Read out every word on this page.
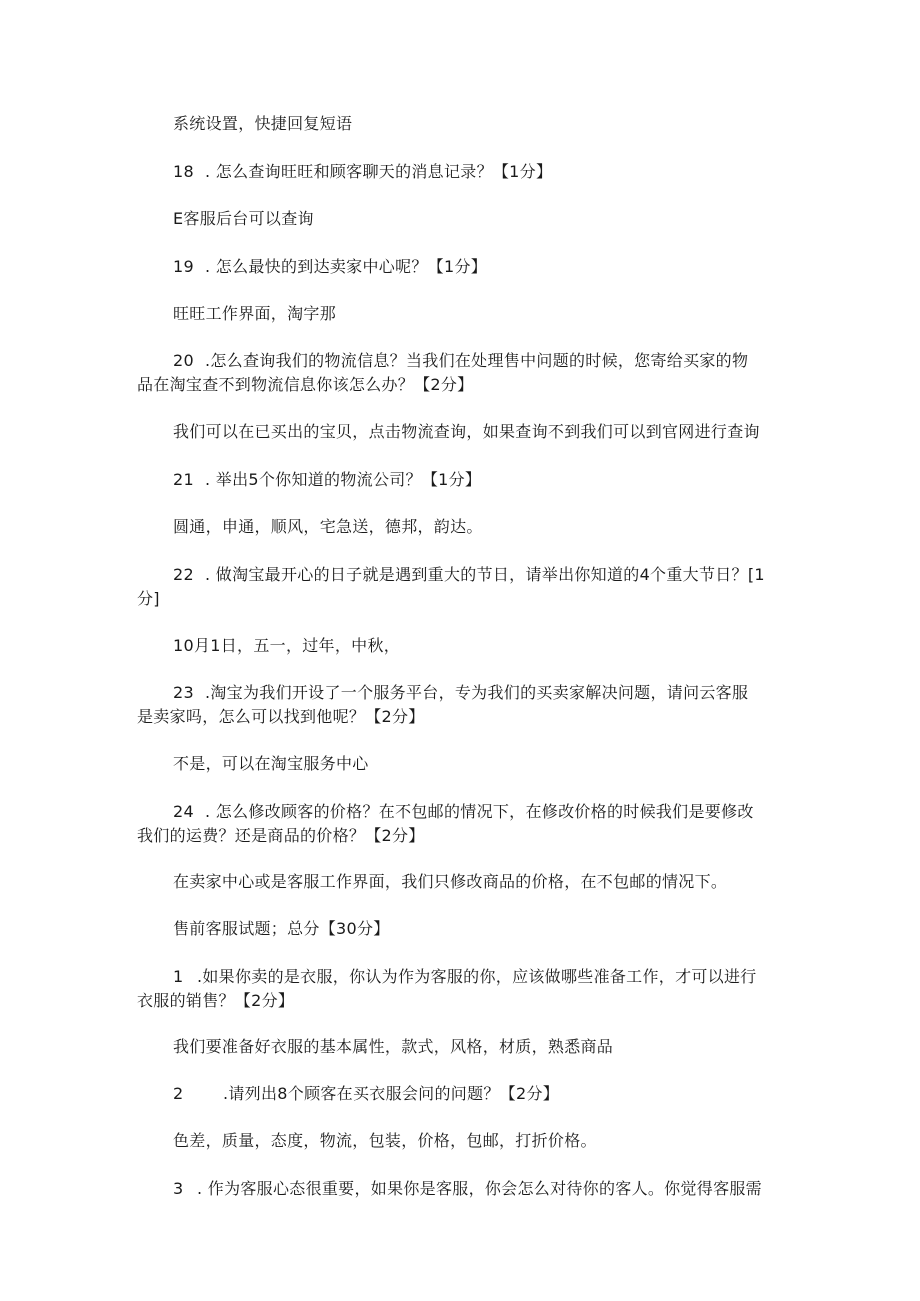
系统设置，快捷回复短语
18 . 怎么查询旺旺和顾客聊天的消息记录？【1分】
E客服后台可以查询
19 . 怎么最快的到达卖家中心呢？【1分】
旺旺工作界面，淘字那
20 .怎么查询我们的物流信息？当我们在处理售中问题的时候，您寄给买家的物
品在淘宝查不到物流信息你该怎么办？【2分】
我们可以在已买出的宝贝，点击物流查询，如果查询不到我们可以到官网进行查询
21 . 举出5个你知道的物流公司？【1分】
圆通，申通，顺风，宅急送，德邦，韵达。
22 . 做淘宝最开心的日子就是遇到重大的节日，请举出你知道的4个重大节日？[1
分]
10月1日，五一，过年，中秋，
23 .淘宝为我们开设了一个服务平台，专为我们的买卖家解决问题，请问云客服
是卖家吗，怎么可以找到他呢？【2分】
不是，可以在淘宝服务中心
24 . 怎么修改顾客的价格？在不包邮的情况下，在修改价格的时候我们是要修改
我们的运费？还是商品的价格？【2分】
在卖家中心或是客服工作界面，我们只修改商品的价格，在不包邮的情况下。
售前客服试题；总分【30分】
1 .如果你卖的是衣服，你认为作为客服的你，应该做哪些准备工作，才可以进行
衣服的销售？【2分】
我们要准备好衣服的基本属性，款式，风格，材质，熟悉商品
2 .请列出8个顾客在买衣服会问的问题？【2分】
色差，质量，态度，物流，包装，价格，包邮，打折价格。
3 . 作为客服心态很重要，如果你是客服，你会怎么对待你的客人。你觉得客服需
